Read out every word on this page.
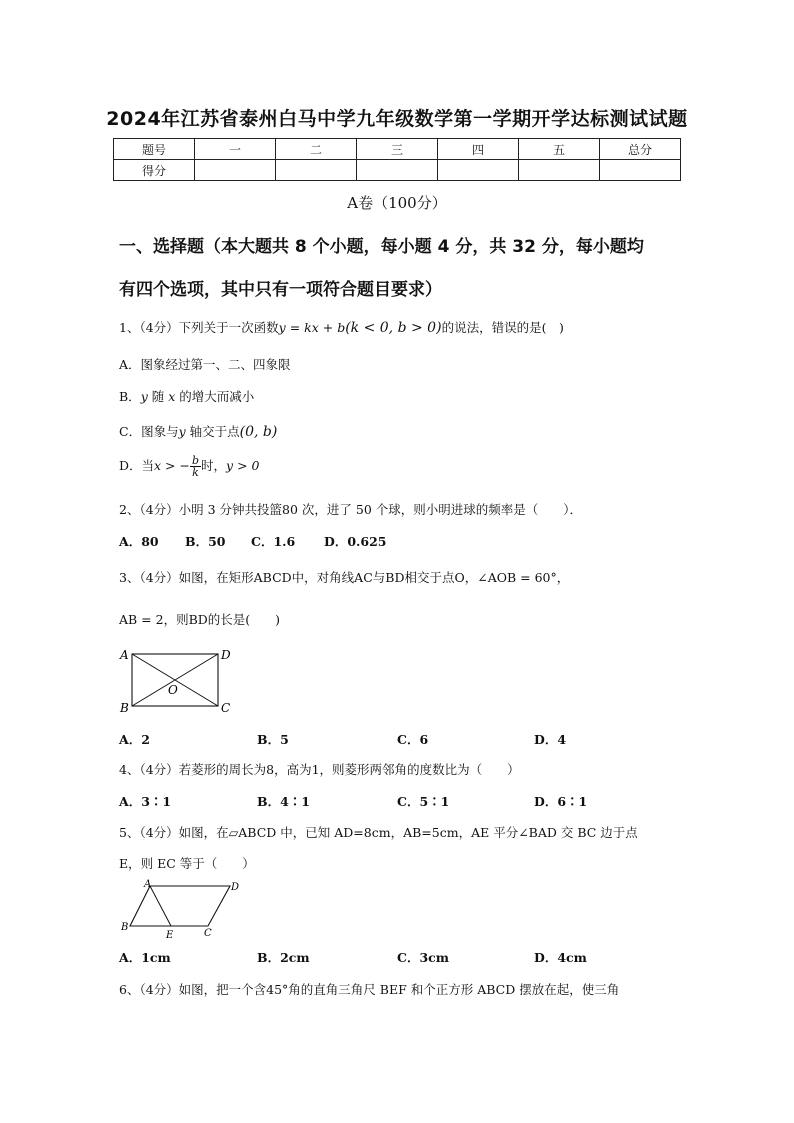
2024年江苏省泰州白马中学九年级数学第一学期开学达标测试试题
题号	一	二	三	四	五	总分
得分						
A卷（100分）
一、选择题（本大题共 8 个小题，每小题 4 分，共 32 分，每小题均
有四个选项，其中只有一项符合题目要求）
1、（4分）下列关于一次函数y = kx + b(k < 0, b > 0)的说法，错误的是(　)
A．图象经过第一、二、四象限
B．y 随 x 的增大而减小
C．图象与y 轴交于点(0, b)
D．当x > − $\frac{b}{k}$ 时，y > 0
2、（4分）小明 3 分钟共投篮80 次，进了 50 个球，则小明进球的频率是（　　）．
A．80 B．50 C．1.6 D．0.625
3、（4分）如图，在矩形ABCD中，对角线AC与BD相交于点O，∠AOB = 60°，
AB = 2，则BD的长是(　　)
A	D
B	C
O
A．2	B．5	C．6	D．4
4、（4分）若菱形的周长为8，高为1，则菱形两邻角的度数比为（　　）
A．3∶1	B．4∶1	C．5∶1	D．6∶1
5、（4分）如图，在▱ABCD 中，已知 AD=8cm，AB=5cm，AE 平分∠BAD 交 BC 边于点
E，则 EC 等于（　　）
A	D
B
E	C
A．1cm	B．2cm	C．3cm	D．4cm
6、（4分）如图，把一个含45°角的直角三角尺 BEF 和个正方形 ABCD 摆放在起，使三角
